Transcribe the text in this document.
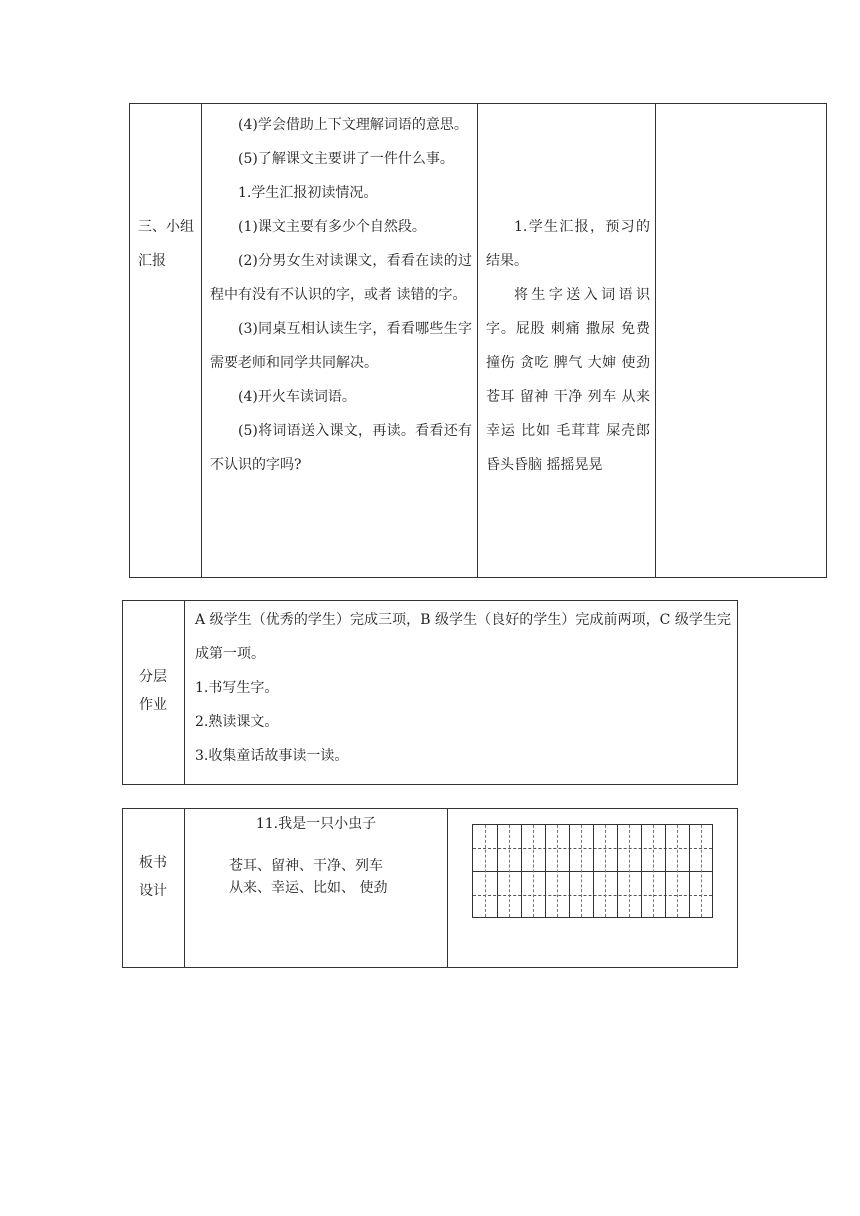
三、小组汇报

(4)学会借助上下文理解词语的意思。

(5)了解课文主要讲了一件什么事。

1.学生汇报初读情况。

(1)课文主要有多少个自然段。

(2)分男女生对读课文，看看在读的过程中有没有不认识的字，或者 读错的字。

(3)同桌互相认读生字，看看哪些生字需要老师和同学共同解决。

(4)开火车读词语。

(5)将词语送入课文，再读。看看还有不认识的字吗?

1.学生汇报，预习的结果。

将生字送入词语识字。屁股 刺痛 撒尿 免费 撞伤 贪吃 脾气 大婶 使劲 苍耳 留神 干净 列车 从来 幸运 比如 毛茸茸 屎壳郎 昏头昏脑 摇摇晃晃

分层作业

A 级学生（优秀的学生）完成三项，B 级学生（良好的学生）完成前两项，C 级学生完成第一项。

1.书写生字。

2.熟读课文。

3.收集童话故事读一读。

板书设计
11.我是一只小虫子
苍耳、留神、干净、列车
从来、幸运、比如、 使劲
